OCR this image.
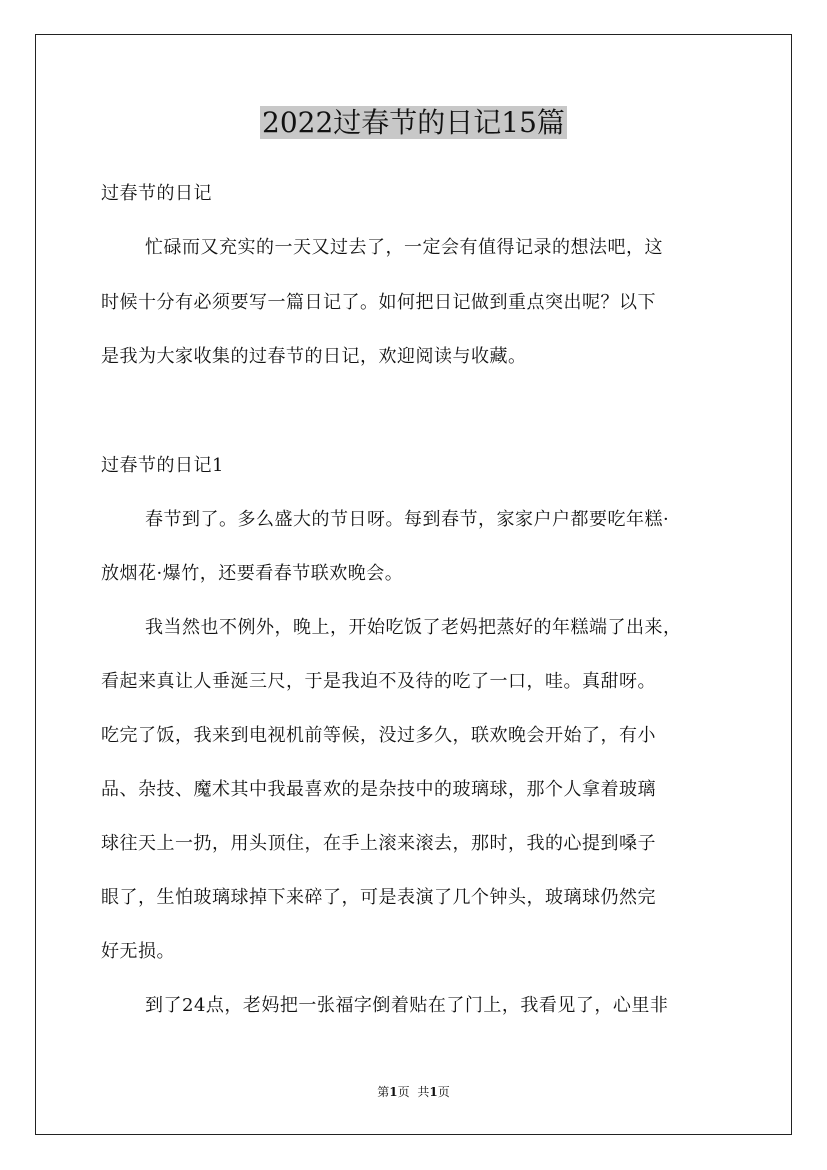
2022过春节的日记15篇
过春节的日记
忙碌而又充实的一天又过去了，一定会有值得记录的想法吧，这
时候十分有必须要写一篇日记了。如何把日记做到重点突出呢？以下
是我为大家收集的过春节的日记，欢迎阅读与收藏。
过春节的日记1
春节到了。多么盛大的节日呀。每到春节，家家户户都要吃年糕·
放烟花·爆竹，还要看春节联欢晚会。
我当然也不例外，晚上，开始吃饭了老妈把蒸好的年糕端了出来，
看起来真让人垂涎三尺，于是我迫不及待的吃了一口，哇。真甜呀。
吃完了饭，我来到电视机前等候，没过多久，联欢晚会开始了，有小
品、杂技、魔术其中我最喜欢的是杂技中的玻璃球，那个人拿着玻璃
球往天上一扔，用头顶住，在手上滚来滚去，那时，我的心提到嗓子
眼了，生怕玻璃球掉下来碎了，可是表演了几个钟头，玻璃球仍然完
好无损。
到了24点，老妈把一张福字倒着贴在了门上，我看见了，心里非
第1页 共1页
